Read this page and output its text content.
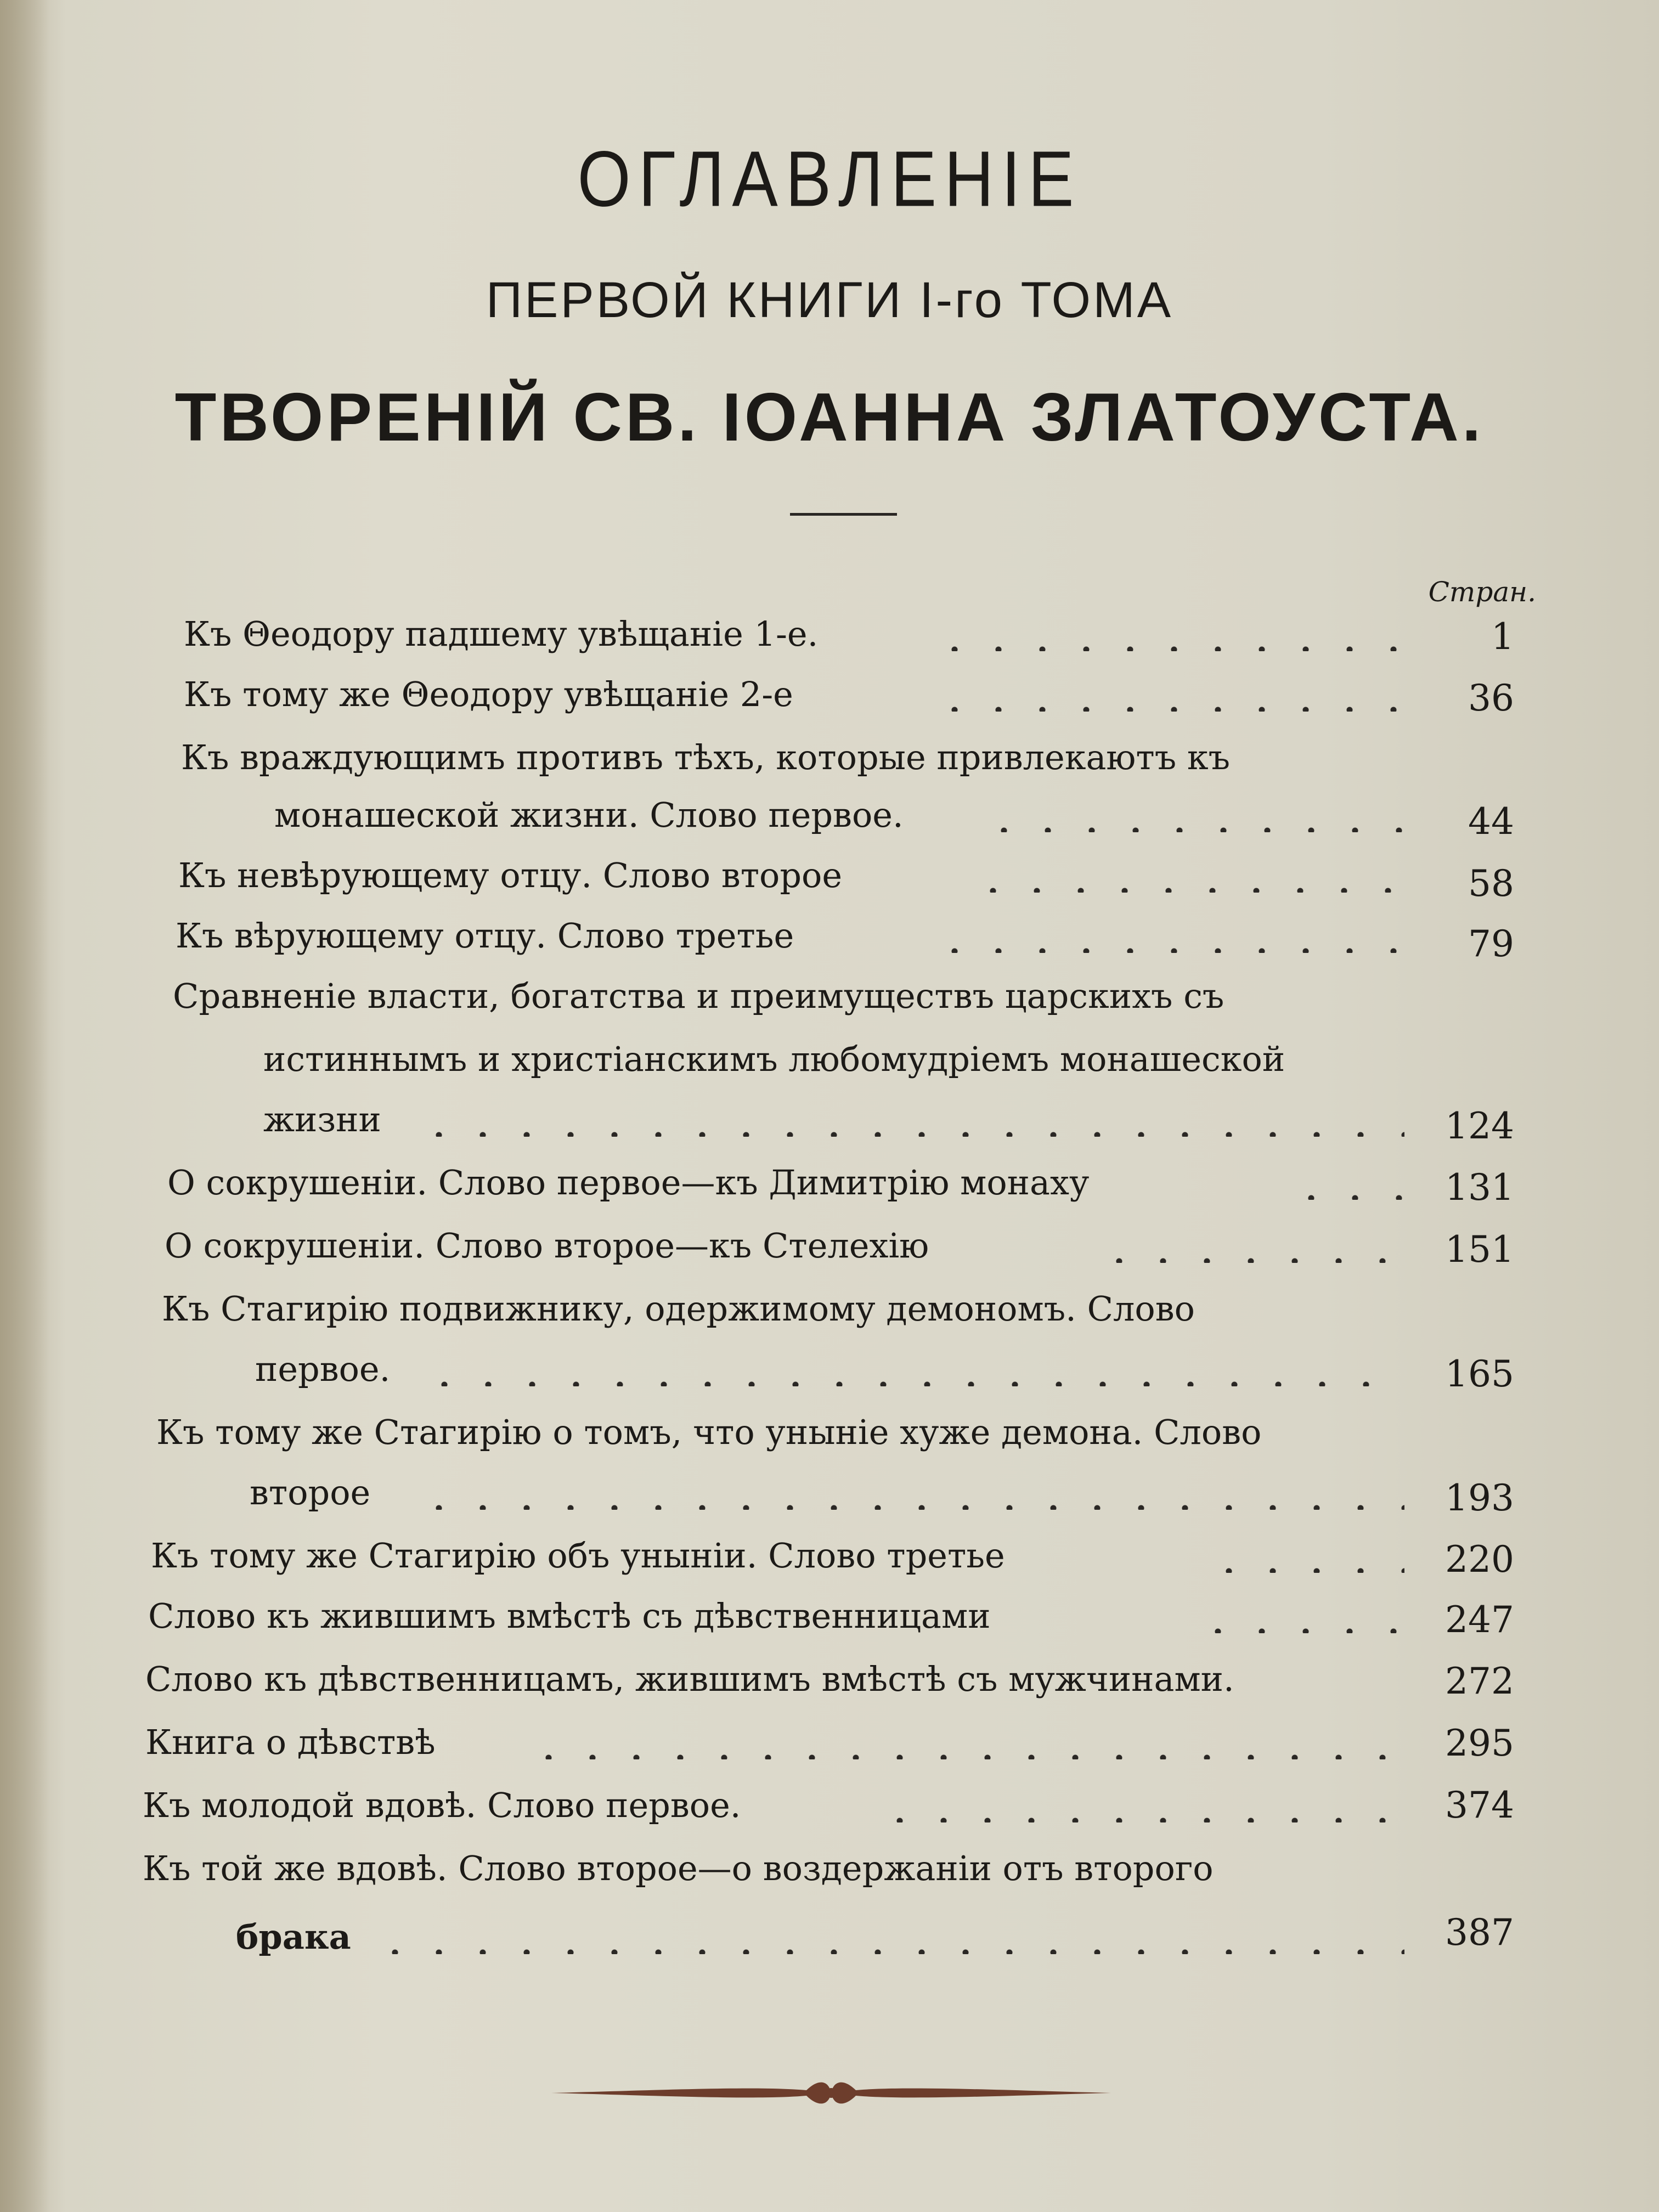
ОГЛАВЛЕНIЕ
ПЕРВОЙ КНИГИ I-го ТОМА
ТВОРЕНIЙ СВ. IОАННА ЗЛАТОУСТА.
Стран.
Къ Θеодору падшему увѣщанiе 1-е.	1
Къ тому же Θеодору увѣщанiе 2-е	36
Къ враждующимъ противъ тѣхъ, которые привлекаютъ къ
монашеской жизни. Слово первое.	44
Къ невѣрующему отцу. Слово второе	58
Къ вѣрующему отцу. Слово третье	79
Сравненiе власти, богатства и преимуществъ царскихъ съ
истиннымъ и христiанскимъ любомудрiемъ монашеской
жизни	124
О сокрушенiи. Слово первое—къ Димитрiю монаху	131
О сокрушенiи. Слово второе—къ Стелехiю	151
Къ Стагирiю подвижнику, одержимому демономъ. Слово
первое.	165
Къ тому же Стагирiю о томъ, что унынiе хуже демона. Слово
второе	193
Къ тому же Стагирiю объ унынiи. Слово третье	220
Слово къ жившимъ вмѣстѣ съ дѣвственницами	247
Слово къ дѣвственницамъ, жившимъ вмѣстѣ съ мужчинами.	272
Книга о дѣвствѣ	295
Къ молодой вдовѣ. Слово первое.	374
Къ той же вдовѣ. Слово второе—о воздержанiи отъ второго
брака	387
